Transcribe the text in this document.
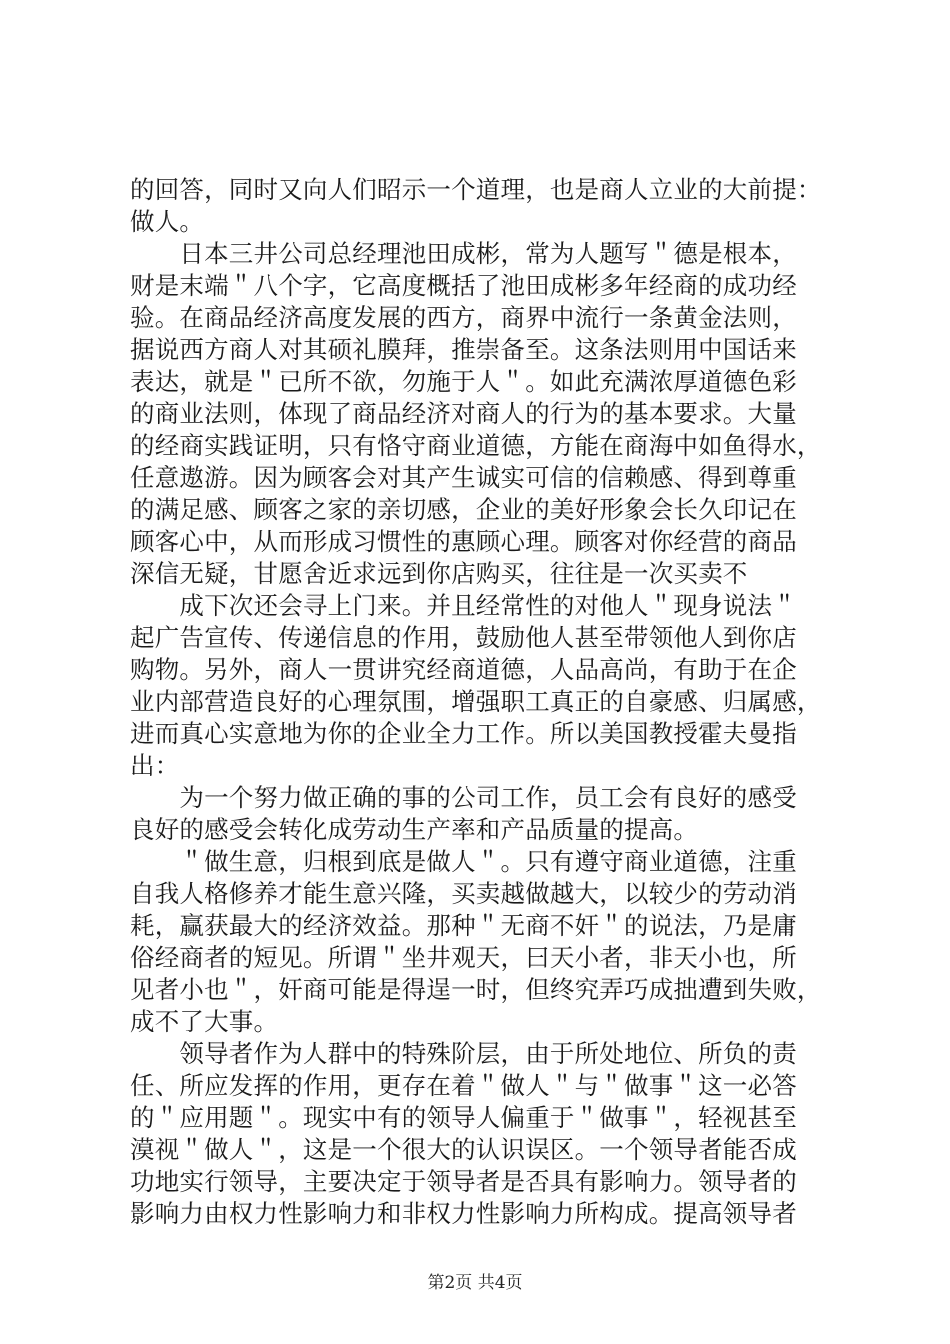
的回答，同时又向人们昭示一个道理，也是商人立业的大前提：
做人。
　　日本三井公司总经理池田成彬，常为人题写＂德是根本，
财是末端＂八个字，它高度概括了池田成彬多年经商的成功经
验。在商品经济高度发展的西方，商界中流行一条黄金法则，
据说西方商人对其硕礼膜拜，推崇备至。这条法则用中国话来
表达，就是＂已所不欲，勿施于人＂。如此充满浓厚道德色彩
的商业法则，体现了商品经济对商人的行为的基本要求。大量
的经商实践证明，只有恪守商业道德，方能在商海中如鱼得水，
任意遨游。因为顾客会对其产生诚实可信的信赖感、得到尊重
的满足感、顾客之家的亲切感，企业的美好形象会长久印记在
顾客心中，从而形成习惯性的惠顾心理。顾客对你经营的商品
深信无疑，甘愿舍近求远到你店购买，往往是一次买卖不
　　成下次还会寻上门来。并且经常性的对他人＂现身说法＂
起广告宣传、传递信息的作用，鼓励他人甚至带领他人到你店
购物。另外，商人一贯讲究经商道德，人品高尚，有助于在企
业内部营造良好的心理氛围，增强职工真正的自豪感、归属感，
进而真心实意地为你的企业全力工作。所以美国教授霍夫曼指
出：
　　为一个努力做正确的事的公司工作，员工会有良好的感受
良好的感受会转化成劳动生产率和产品质量的提高。
　　＂做生意，归根到底是做人＂。只有遵守商业道德，注重
自我人格修养才能生意兴隆，买卖越做越大，以较少的劳动消
耗，赢获最大的经济效益。那种＂无商不奸＂的说法，乃是庸
俗经商者的短见。所谓＂坐井观天，曰天小者，非天小也，所
见者小也＂，奸商可能是得逞一时，但终究弄巧成拙遭到失败，
成不了大事。
　　领导者作为人群中的特殊阶层，由于所处地位、所负的责
任、所应发挥的作用，更存在着＂做人＂与＂做事＂这一必答
的＂应用题＂。现实中有的领导人偏重于＂做事＂，轻视甚至
漠视＂做人＂，这是一个很大的认识误区。一个领导者能否成
功地实行领导，主要决定于领导者是否具有影响力。领导者的
影响力由权力性影响力和非权力性影响力所构成。提高领导者
第2页 共4页
